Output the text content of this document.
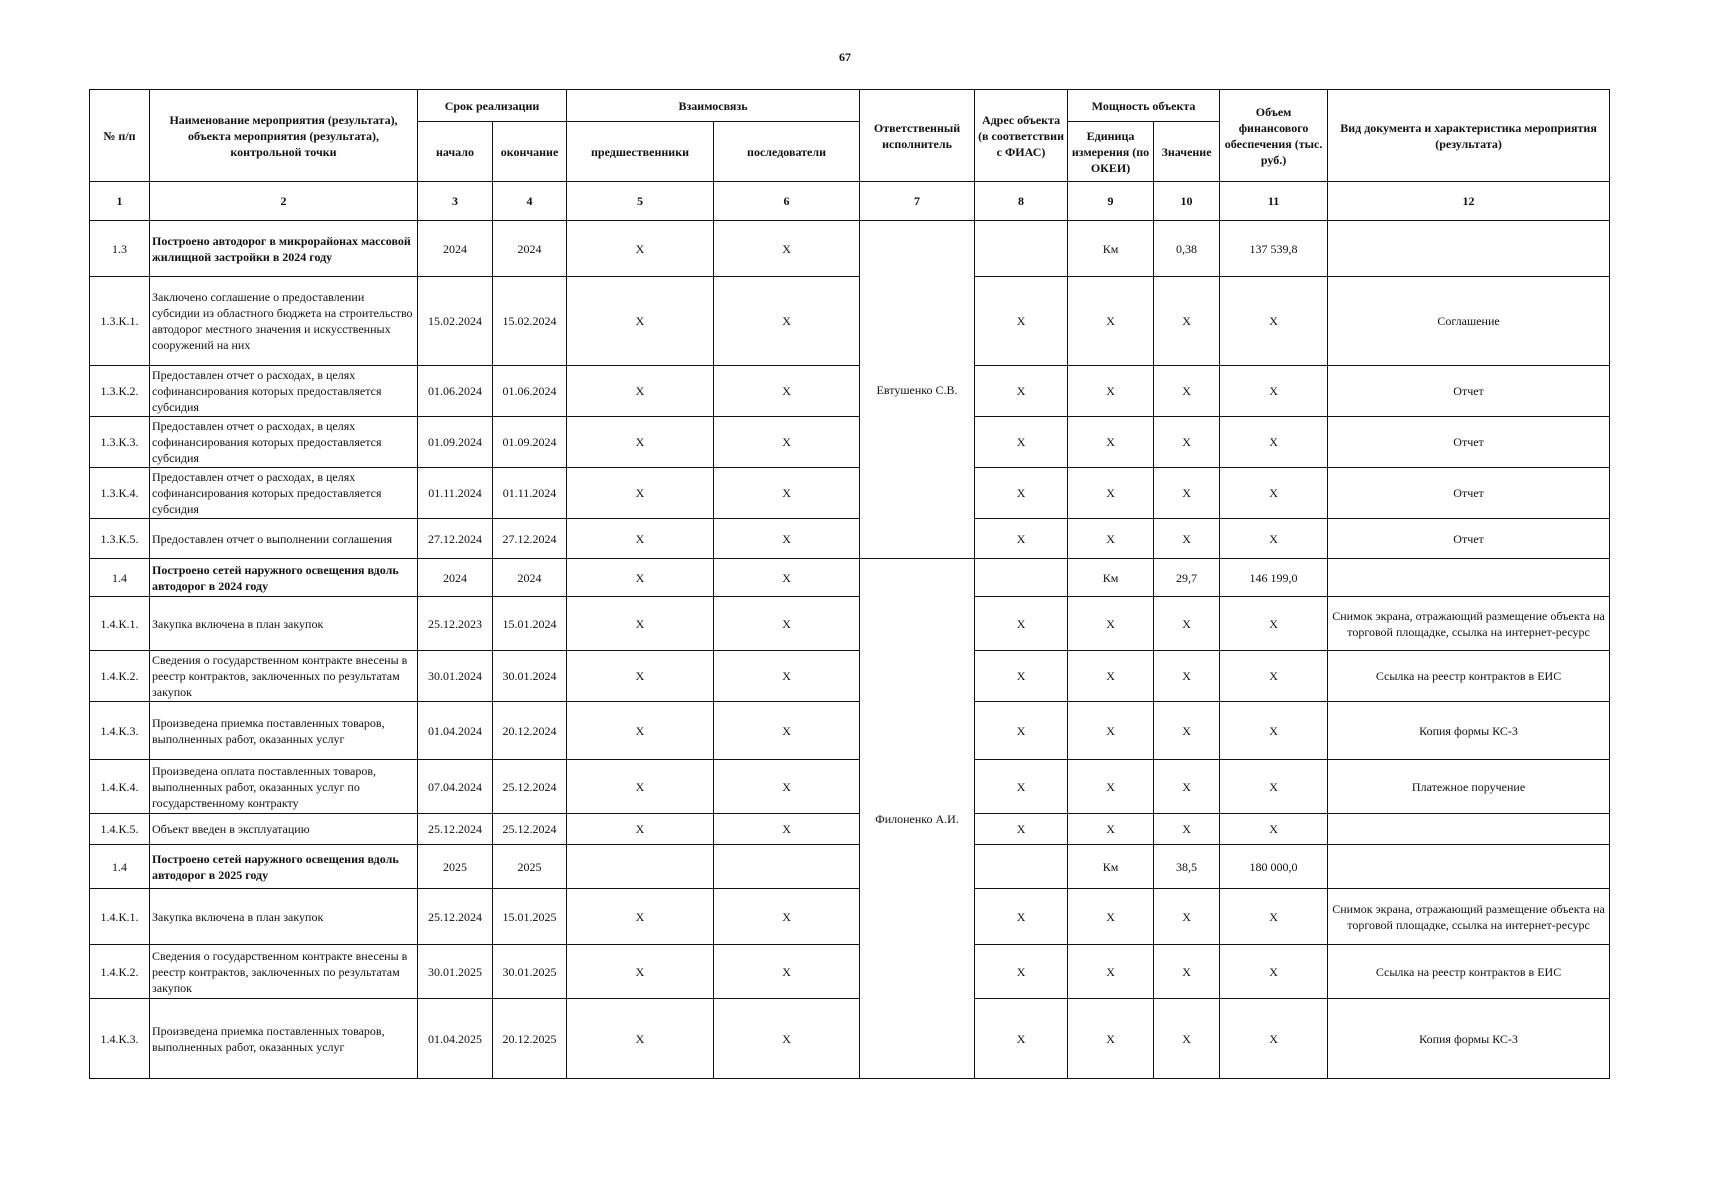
67
№ п/п	Наименование мероприятия (результата), объекта мероприятия (результата), контрольной точки	Срок реализации		Взаимосвязь		Ответственный исполнитель	Адрес объекта (в соответствии с ФИАС)	Мощность объекта		Объем финансового обеспечения (тыс. руб.)	Вид документа и характеристика мероприятия (результата)
		начало	окончание	предшественники	последователи			Единица измерения (по ОКЕИ)	Значение		
1	2	3	4	5	6	7	8	9	10	11	12
1.3	Построено автодорог в микрорайонах массовой жилищной застройки в 2024 году	2024	2024	X	X	Евтушенко С.В.		Км	0,38	137 539,8	
1.3.К.1.	Заключено соглашение о предоставлении субсидии из областного бюджета на строительство автодорог местного значения и искусственных сооружений на них	15.02.2024	15.02.2024	X	X		X	X	X	X	Соглашение
1.3.К.2.	Предоставлен отчет о расходах, в целях софинансирования которых предоставляется субсидия	01.06.2024	01.06.2024	X	X		X	X	X	X	Отчет
1.3.К.3.	Предоставлен отчет о расходах, в целях софинансирования которых предоставляется субсидия	01.09.2024	01.09.2024	X	X		X	X	X	X	Отчет
1.3.К.4.	Предоставлен отчет о расходах, в целях софинансирования которых предоставляется субсидия	01.11.2024	01.11.2024	X	X		X	X	X	X	Отчет
1.3.К.5.	Предоставлен отчет о выполнении соглашения	27.12.2024	27.12.2024	X	X		X	X	X	X	Отчет
1.4	Построено сетей наружного освещения вдоль автодорог в 2024 году	2024	2024	X	X	Филоненко А.И.		Км	29,7	146 199,0	
1.4.К.1.	Закупка включена в план закупок	25.12.2023	15.01.2024	X	X		X	X	X	X	Снимок экрана, отражающий размещение объекта на торговой площадке, ссылка на интернет-ресурс
1.4.К.2.	Сведения о государственном контракте внесены в реестр контрактов, заключенных по результатам закупок	30.01.2024	30.01.2024	X	X		X	X	X	X	Ссылка на реестр контрактов в ЕИС
1.4.К.3.	Произведена приемка поставленных товаров, выполненных работ, оказанных услуг	01.04.2024	20.12.2024	X	X		X	X	X	X	Копия формы КС-3
1.4.К.4.	Произведена оплата поставленных товаров, выполненных работ, оказанных услуг по государственному контракту	07.04.2024	25.12.2024	X	X		X	X	X	X	Платежное поручение
1.4.К.5.	Объект введен в эксплуатацию	25.12.2024	25.12.2024	X	X		X	X	X	X	
1.4	Построено сетей наружного освещения вдоль автодорог в 2025 году	2025	2025					Км	38,5	180 000,0	
1.4.К.1.	Закупка включена в план закупок	25.12.2024	15.01.2025	X	X		X	X	X	X	Снимок экрана, отражающий размещение объекта на торговой площадке, ссылка на интернет-ресурс
1.4.К.2.	Сведения о государственном контракте внесены в реестр контрактов, заключенных по результатам закупок	30.01.2025	30.01.2025	X	X		X	X	X	X	Ссылка на реестр контрактов в ЕИС
1.4.К.3.	Произведена приемка поставленных товаров, выполненных работ, оказанных услуг	01.04.2025	20.12.2025	X	X		X	X	X	X	Копия формы КС-3
